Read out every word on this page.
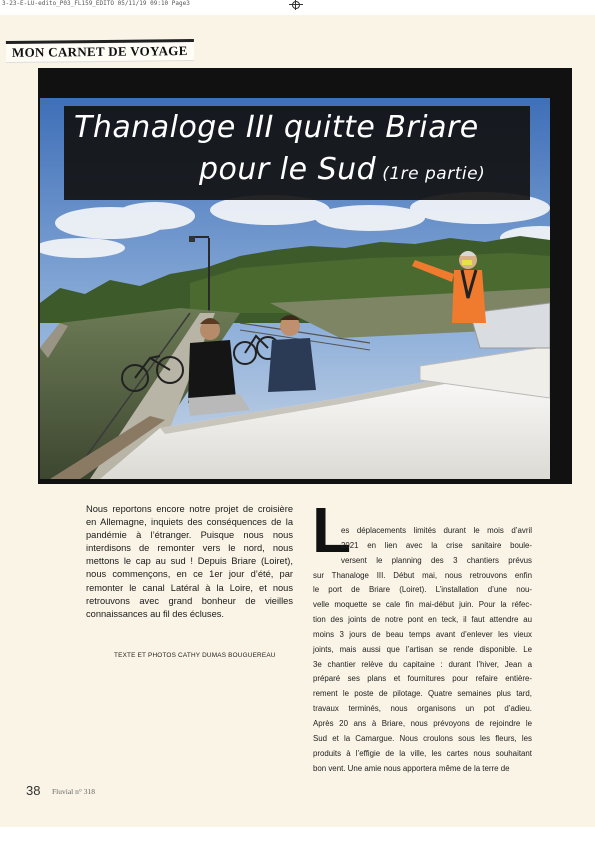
3-23-E-LU-edito_P03_FL159_EDITO 05/11/19 09:10 Page3
MON CARNET DE VOYAGE
Thanaloge III quitte Briare
pour le Sud (1re partie)
Nous reportons encore notre projet de croisière en Allemagne, inquiets des conséquences de la pandémie à l’étranger. Puisque nous nous interdisons de remonter vers le nord, nous mettons le cap au sud ! Depuis Briare (Loiret), nous commençons, en ce 1er jour d’été, par remonter le canal Latéral à la Loire, et nous retrouvons avec grand bonheur de vieilles connaissances au fil des écluses.
TEXTE ET PHOTOS CATHY DUMAS BOUGUEREAU
L
es déplacements limités durant le mois d’avril
2021 en lien avec la crise sanitaire boule-
versent le planning des 3 chantiers prévus
sur Thanaloge III. Début mai, nous retrouvons enfin
le port de Briare (Loiret). L’installation d’une nou-
velle moquette se cale fin mai-début juin. Pour la réfec-
tion des joints de notre pont en teck, il faut attendre au
moins 3 jours de beau temps avant d’enlever les vieux
joints, mais aussi que l’artisan se rende disponible. Le
3e chantier relève du capitaine : durant l’hiver, Jean a
préparé ses plans et fournitures pour refaire entière-
rement le poste de pilotage. Quatre semaines plus tard,
travaux terminés, nous organisons un pot d’adieu.
Après 20 ans à Briare, nous prévoyons de rejoindre le
Sud et la Camargue. Nous croulons sous les fleurs, les
produits à l’effigie de la ville, les cartes nous souhaitant
bon vent. Une amie nous apportera même de la terre de
38 Fluvial n° 318
